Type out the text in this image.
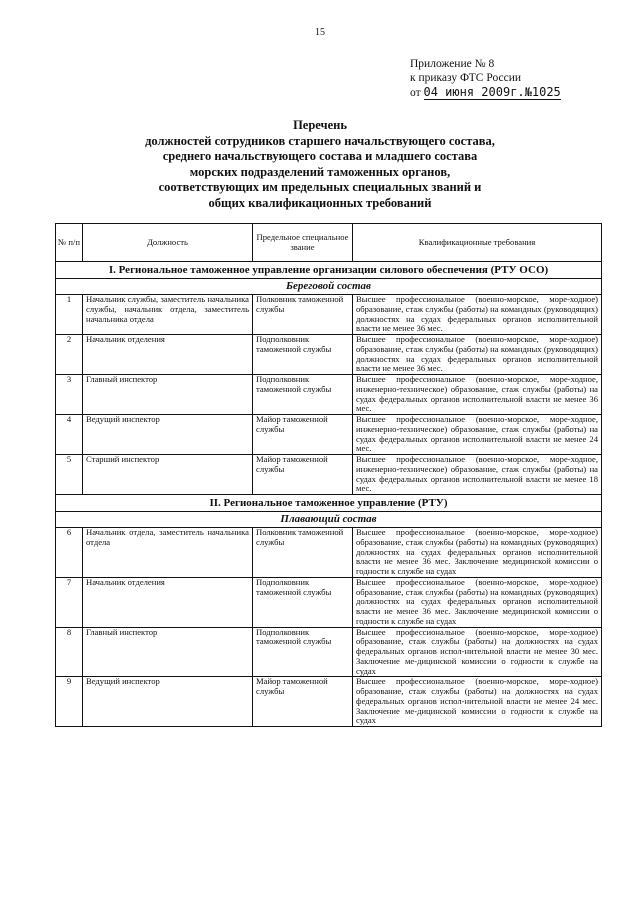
15
Приложение № 8
к приказу ФТС России
от 04 июня 2009г.№1025
Перечень
должностей сотрудников старшего начальствующего состава,
среднего начальствующего состава и младшего состава
морских подразделений таможенных органов,
соответствующих им предельных специальных званий и
общих квалификационных требований
№ п/п	Должность	Предельное специальное звание	Квалификационные требования
I. Региональное таможенное управление организации силового обеспечения (РТУ ОСО)			
Береговой состав			
1	Начальник службы, заместитель начальника службы, начальник отдела, заместитель начальника отдела	Полковник таможенной службы	Высшее профессиональное (военно-морское, море-ходное) образование, стаж службы (работы) на командных (руководящих) должностях на судах федеральных органов исполнительной власти не менее 36 мес.
2	Начальник отделения	Подполковник таможенной службы	Высшее профессиональное (военно-морское, море-ходное) образование, стаж службы (работы) на командных (руководящих) должностях на судах федеральных органов исполнительной власти не менее 36 мес.
3	Главный инспектор	Подполковник таможенной службы	Высшее профессиональное (военно-морское, море-ходное, инженерно-техническое) образование, стаж службы (работы) на судах федеральных органов исполнительной власти не менее 36 мес.
4	Ведущий инспектор	Майор таможенной службы	Высшее профессиональное (военно-морское, море-ходное, инженерно-техническое) образование, стаж службы (работы) на судах федеральных органов исполнительной власти не менее 24 мес.
5	Старший инспектор	Майор таможенной службы	Высшее профессиональное (военно-морское, море-ходное, инженерно-техническое) образование, стаж службы (работы) на судах федеральных органов исполнительной власти не менее 18 мес.
II. Региональное таможенное управление (РТУ)			
Плавающий состав			
6	Начальник отдела, заместитель начальника отдела	Полковник таможенной службы	Высшее профессиональное (военно-морское, море-ходное) образование, стаж службы (работы) на командных (руководящих) должностях на судах федеральных органов исполнительной власти не менее 36 мес. Заключение медицинской комиссии о годности к службе на судах
7	Начальник отделения	Подполковник таможенной службы	Высшее профессиональное (военно-морское, море-ходное) образование, стаж службы (работы) на командных (руководящих) должностях на судах федеральных органов исполнительной власти не менее 36 мес. Заключение медицинской комиссии о годности к службе на судах
8	Главный инспектор	Подполковник таможенной службы	Высшее профессиональное (военно-морское, море-ходное) образование, стаж службы (работы) на должностях на судах федеральных органов испол-нительной власти не менее 30 мес. Заключение ме-дицинской комиссии о годности к службе на судах
9	Ведущий инспектор	Майор таможенной службы	Высшее профессиональное (военно-морское, море-ходное) образование, стаж службы (работы) на должностях на судах федеральных органов испол-нительной власти не менее 24 мес. Заключение ме-дицинской комиссии о годности к службе на судах
